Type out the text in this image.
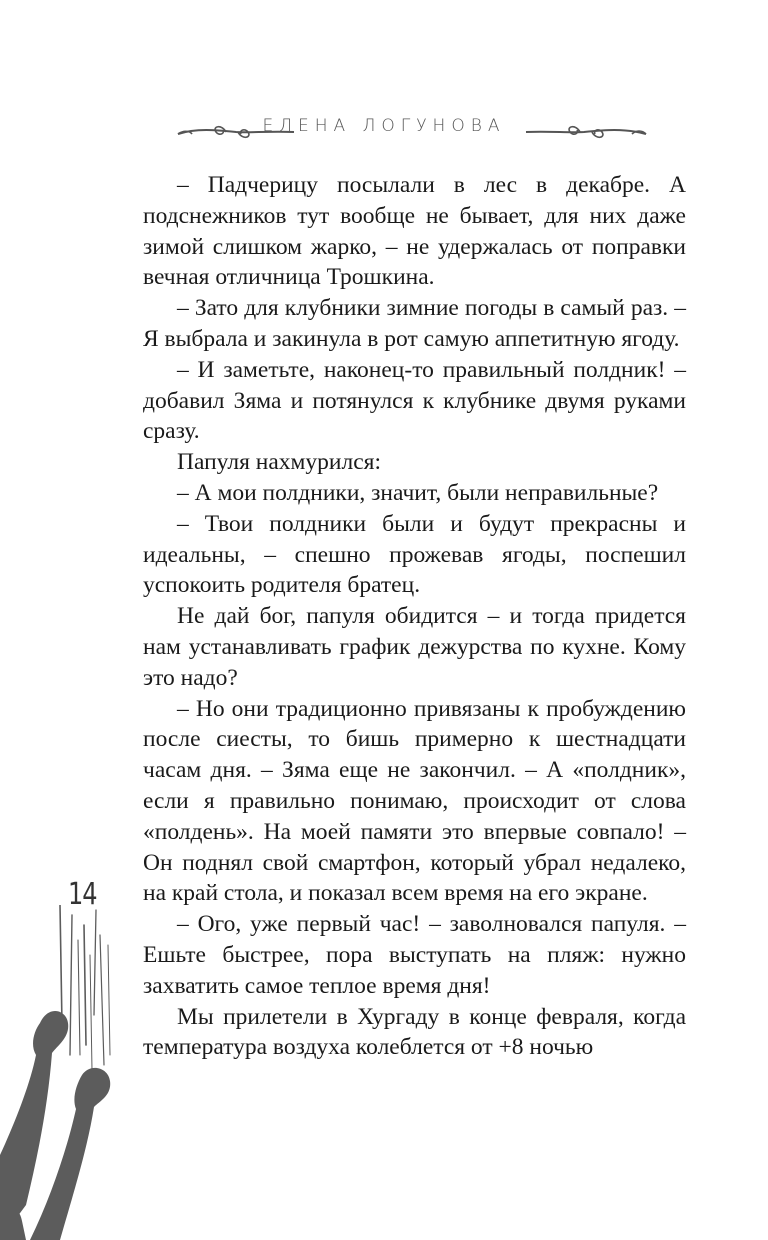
ЕЛЕНА ЛОГУНОВА

– Падчерицу посылали в лес в декабре. А подснежников тут вообще не бывает, для них даже зимой слишком жарко, – не удержалась от поправки вечная отличница Трошкина.

– Зато для клубники зимние погоды в самый раз. – Я выбрала и закинула в рот самую аппетитную ягоду.

– И заметьте, наконец-то правильный полдник! – добавил Зяма и потянулся к клубнике двумя руками сразу.

Папуля нахмурился:

– А мои полдники, значит, были неправильные?

– Твои полдники были и будут прекрасны и идеальны, – спешно прожевав ягоды, поспешил успокоить родителя братец.

Не дай бог, папуля обидится – и тогда придется нам устанавливать график дежурства по кухне. Кому это надо?

– Но они традиционно привязаны к пробуждению после сиесты, то бишь примерно к шестнадцати часам дня. – Зяма еще не закончил. – А «полдник», если я правильно понимаю, происходит от слова «полдень». На моей памяти это впервые совпало! – Он поднял свой смартфон, который убрал недалеко, на край стола, и показал всем время на его экране.

– Ого, уже первый час! – заволновался папуля. – Ешьте быстрее, пора выступать на пляж: нужно захватить самое теплое время дня!

Мы прилетели в Хургаду в конце февраля, когда температура воздуха колеблется от +8 ночью

14
